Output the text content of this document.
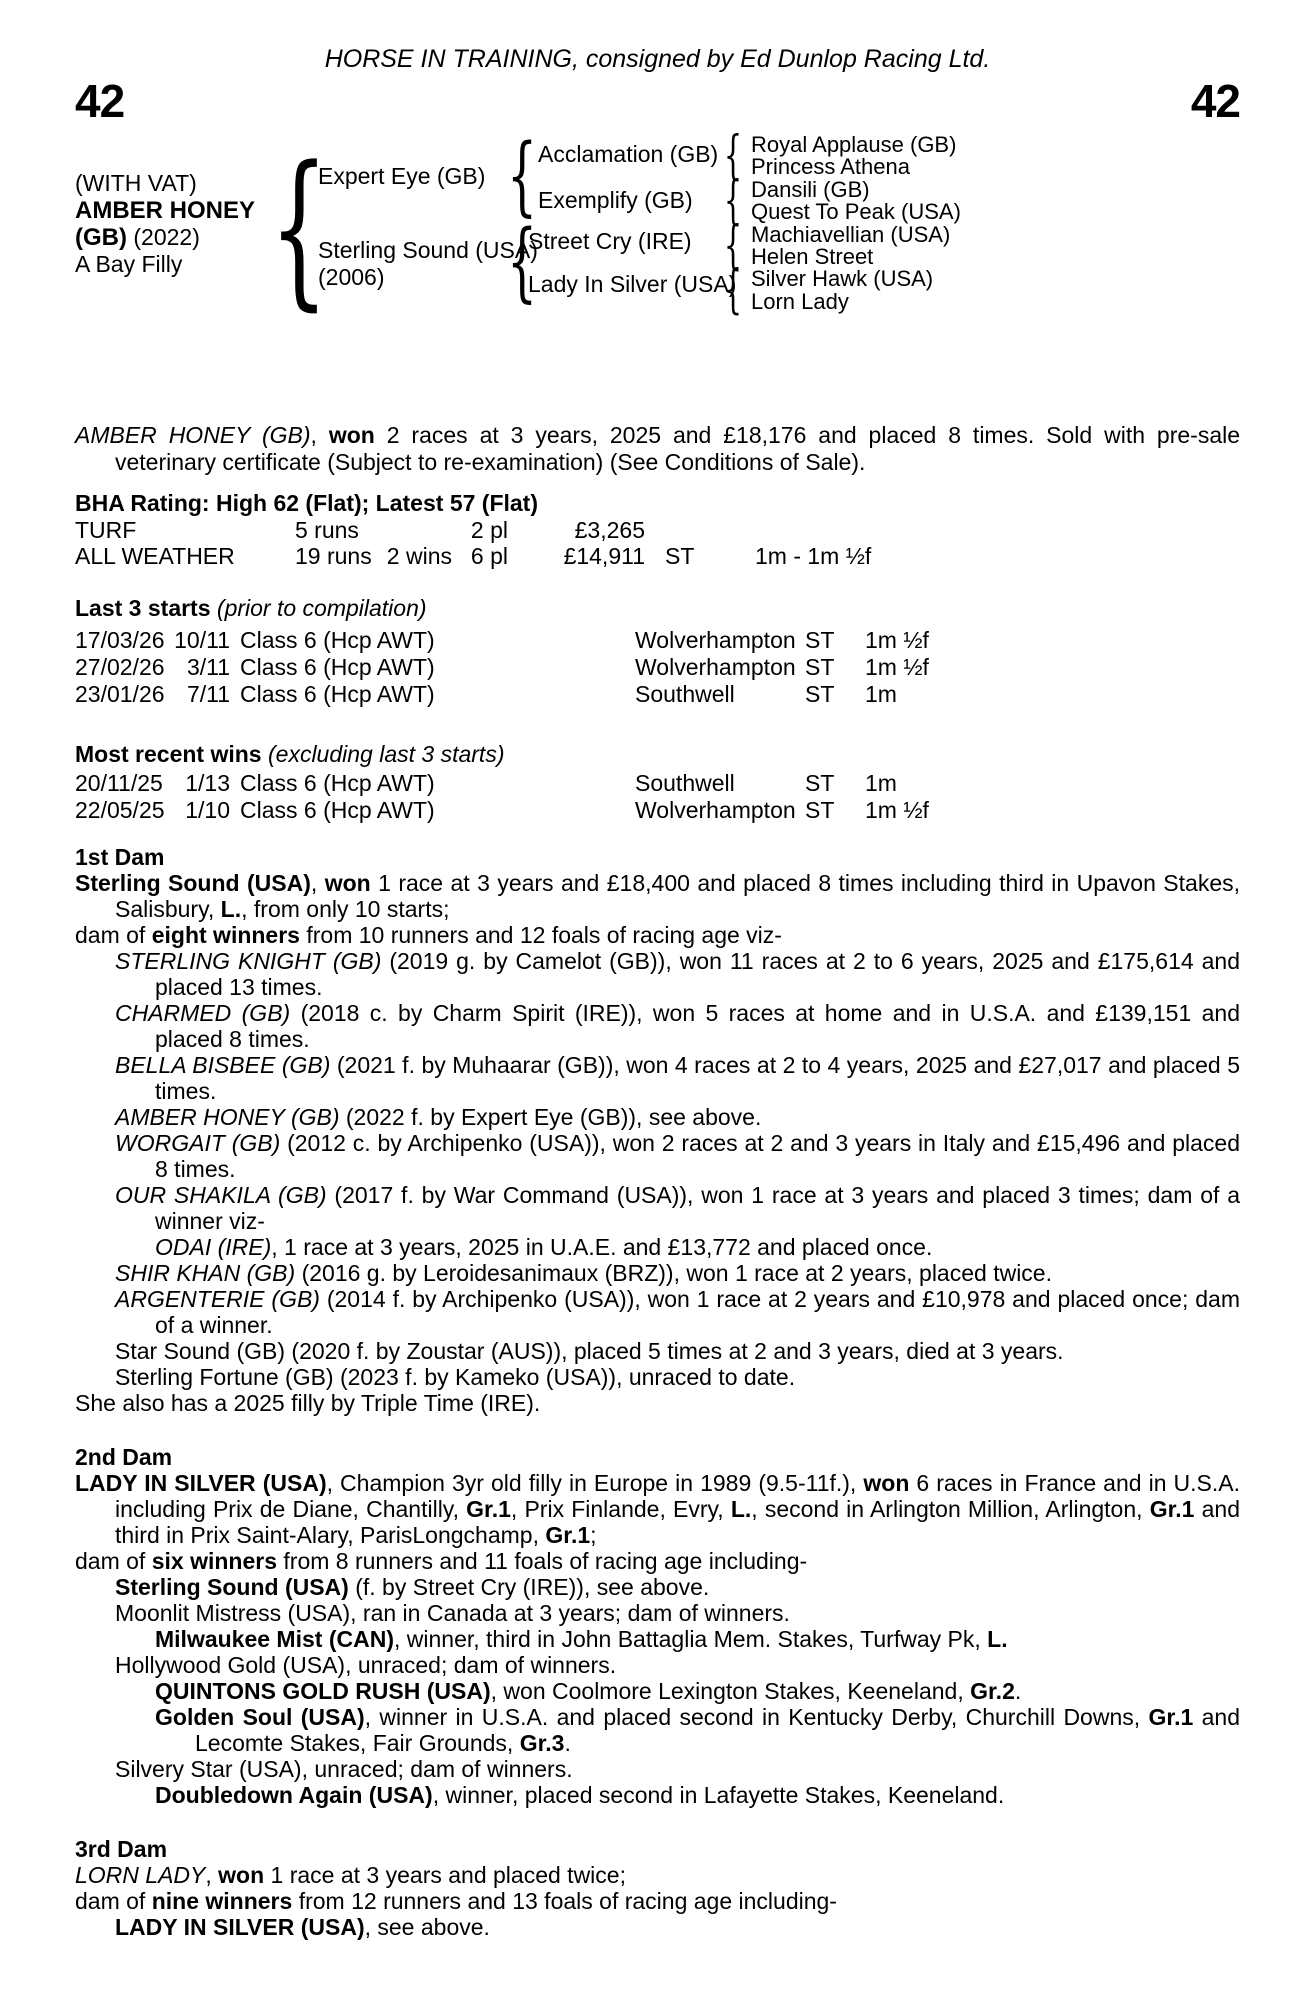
HORSE IN TRAINING, consigned by Ed Dunlop Racing Ltd.
42	42
(WITH VAT)
AMBER HONEY
(GB) (2022)
A Bay Filly {
Expert Eye (GB)
Sterling Sound (USA)
(2006)
{
{
Acclamation (GB)
Exemplify (GB)
Street Cry (IRE)
Lady In Silver (USA)
{
{
{
{
Royal Applause (GB)
Princess Athena
Dansili (GB)
Quest To Peak (USA)
Machiavellian (USA)
Helen Street
Silver Hawk (USA)
Lorn Lady

AMBER HONEY (GB), won 2 races at 3 years, 2025 and £18,176 and placed 8 times. Sold with pre-sale veterinary certificate (Subject to re-examination) (See Conditions of Sale).

BHA Rating: High 62 (Flat); Latest 57 (Flat)
TURF	5 runs	2 pl	£3,265
ALL WEATHER	19 runs 2 wins 6 pl	£14,911 ST	1m - 1m ½f
Last 3 starts (prior to compilation)
17/03/26 10/11 Class 6 (Hcp AWT)	Wolverhampton ST	1m ½f
27/02/26 3/11 Class 6 (Hcp AWT)	Wolverhampton ST	1m ½f
23/01/26 7/11 Class 6 (Hcp AWT)	Southwell	ST	1m
Most recent wins (excluding last 3 starts)
20/11/25 1/13 Class 6 (Hcp AWT)	Southwell	ST	1m
22/05/25 1/10 Class 6 (Hcp AWT)	Wolverhampton ST	1m ½f
1st Dam

Sterling Sound (USA), won 1 race at 3 years and £18,400 and placed 8 times including third in Upavon Stakes, Salisbury, L., from only 10 starts;

dam of eight winners from 10 runners and 12 foals of racing age viz-

STERLING KNIGHT (GB) (2019 g. by Camelot (GB)), won 11 races at 2 to 6 years, 2025 and £175,614 and placed 13 times.

CHARMED (GB) (2018 c. by Charm Spirit (IRE)), won 5 races at home and in U.S.A. and £139,151 and placed 8 times.

BELLA BISBEE (GB) (2021 f. by Muhaarar (GB)), won 4 races at 2 to 4 years, 2025 and £27,017 and placed 5 times.

AMBER HONEY (GB) (2022 f. by Expert Eye (GB)), see above.

WORGAIT (GB) (2012 c. by Archipenko (USA)), won 2 races at 2 and 3 years in Italy and £15,496 and placed 8 times.

OUR SHAKILA (GB) (2017 f. by War Command (USA)), won 1 race at 3 years and placed 3 times; dam of a winner viz-

ODAI (IRE), 1 race at 3 years, 2025 in U.A.E. and £13,772 and placed once.

SHIR KHAN (GB) (2016 g. by Leroidesanimaux (BRZ)), won 1 race at 2 years, placed twice.

ARGENTERIE (GB) (2014 f. by Archipenko (USA)), won 1 race at 2 years and £10,978 and placed once; dam of a winner.

Star Sound (GB) (2020 f. by Zoustar (AUS)), placed 5 times at 2 and 3 years, died at 3 years.

Sterling Fortune (GB) (2023 f. by Kameko (USA)), unraced to date.

She also has a 2025 filly by Triple Time (IRE).

2nd Dam

LADY IN SILVER (USA), Champion 3yr old filly in Europe in 1989 (9.5-11f.), won 6 races in France and in U.S.A. including Prix de Diane, Chantilly, Gr.1, Prix Finlande, Evry, L., second in Arlington Million, Arlington, Gr.1 and third in Prix Saint-Alary, ParisLongchamp, Gr.1;

dam of six winners from 8 runners and 11 foals of racing age including-

Sterling Sound (USA) (f. by Street Cry (IRE)), see above.

Moonlit Mistress (USA), ran in Canada at 3 years; dam of winners.

Milwaukee Mist (CAN), winner, third in John Battaglia Mem. Stakes, Turfway Pk, L.

Hollywood Gold (USA), unraced; dam of winners.

QUINTONS GOLD RUSH (USA), won Coolmore Lexington Stakes, Keeneland, Gr.2.

Golden Soul (USA), winner in U.S.A. and placed second in Kentucky Derby, Churchill Downs, Gr.1 and Lecomte Stakes, Fair Grounds, Gr.3.

Silvery Star (USA), unraced; dam of winners.

Doubledown Again (USA), winner, placed second in Lafayette Stakes, Keeneland.

3rd Dam

LORN LADY, won 1 race at 3 years and placed twice;

dam of nine winners from 12 runners and 13 foals of racing age including-

LADY IN SILVER (USA), see above.
